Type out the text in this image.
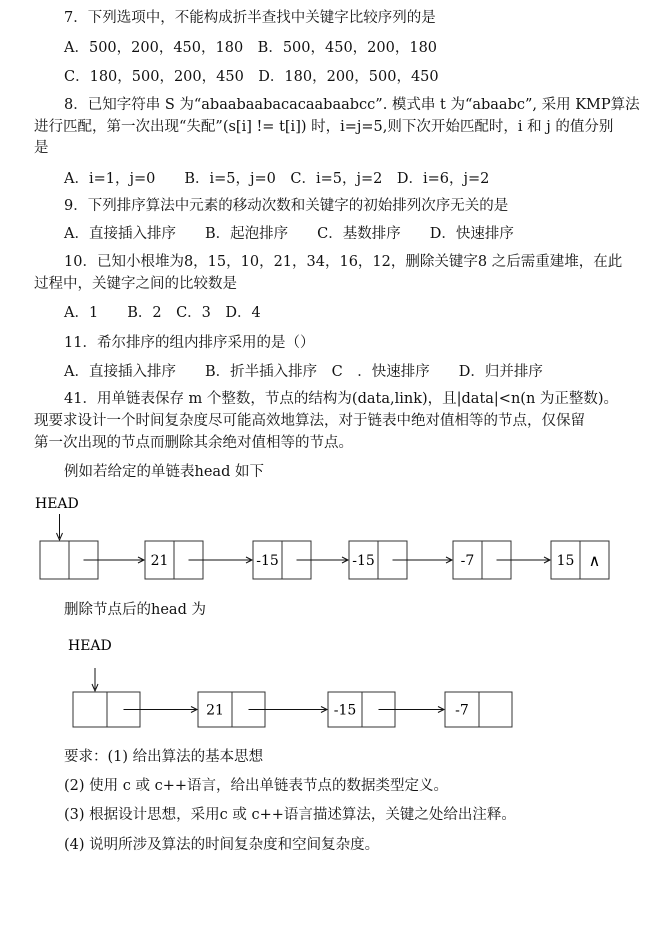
7．下列选项中，不能构成折半查找中关键字比较序列的是
A．500，200，450，180　B．500，450，200，180
C．180，500，200，450　D．180，200，500，450
8．已知字符串 S 为“abaabaabacacaabaabcc”. 模式串 t 为“abaabc”, 采用 KMP算法
进行匹配，第一次出现“失配”(s[i] != t[i]) 时，i=j=5,则下次开始匹配时，i 和 j 的值分别
是
A．i=1，j=0　　B．i=5，j=0　C．i=5，j=2　D．i=6，j=2
9．下列排序算法中元素的移动次数和关键字的初始排列次序无关的是
A．直接插入排序　　B．起泡排序　　C．基数排序　　D．快速排序
10．已知小根堆为8，15，10，21，34，16，12，删除关键字8 之后需重建堆，在此
过程中，关键字之间的比较数是
A．1　　B．2　C．3　D．4
11．希尔排序的组内排序采用的是（）
A．直接插入排序　　B．折半插入排序　C　．快速排序　　D．归并排序
41．用单链表保存 m 个整数，节点的结构为(data,link)，且|data|<n(n 为正整数)。
现要求设计一个时间复杂度尽可能高效地算法，对于链表中绝对值相等的节点，仅保留
第一次出现的节点而删除其余绝对值相等的节点。
例如若给定的单链表head 如下
删除节点后的head 为
要求：(1) 给出算法的基本思想
(2) 使用 c 或 c++语言，给出单链表节点的数据类型定义。
(3) 根据设计思想，采用c 或 c++语言描述算法，关键之处给出注释。
(4) 说明所涉及算法的时间复杂度和空间复杂度。
HEAD
21	-15	-15	-7	15 ∧
HEAD
21	-15	-7
